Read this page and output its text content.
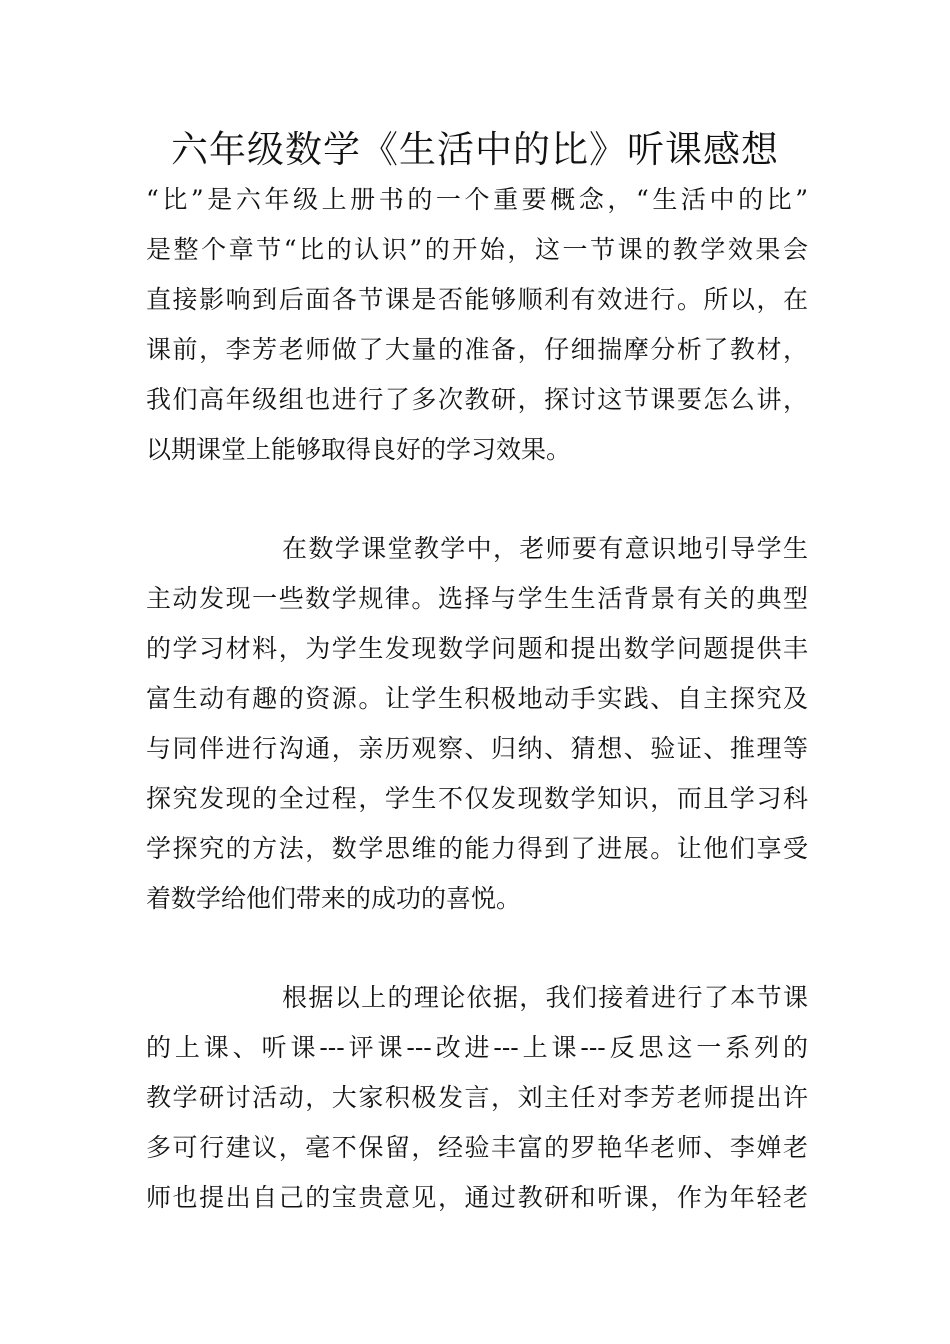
六年级数学《生活中的比》听课感想

“比”是六年级上册书的一个重要概念，“生活中的比”

是整个章节“比的认识”的开始，这一节课的教学效果会

直接影响到后面各节课是否能够顺利有效进行。所以，在

课前，李芳老师做了大量的准备，仔细揣摩分析了教材，

我们高年级组也进行了多次教研，探讨这节课要怎么讲，

以期课堂上能够取得良好的学习效果。

在数学课堂教学中，老师要有意识地引导学生

主动发现一些数学规律。选择与学生生活背景有关的典型

的学习材料，为学生发现数学问题和提出数学问题提供丰

富生动有趣的资源。让学生积极地动手实践、自主探究及

与同伴进行沟通，亲历观察、归纳、猜想、验证、推理等

探究发现的全过程，学生不仅发现数学知识，而且学习科

学探究的方法，数学思维的能力得到了进展。让他们享受

着数学给他们带来的成功的喜悦。

根据以上的理论依据，我们接着进行了本节课

的上课、听课---评课---改进---上课---反思这一系列的

教学研讨活动，大家积极发言，刘主任对李芳老师提出许

多可行建议，毫不保留，经验丰富的罗艳华老师、李婵老

师也提出自己的宝贵意见，通过教研和听课，作为年轻老
